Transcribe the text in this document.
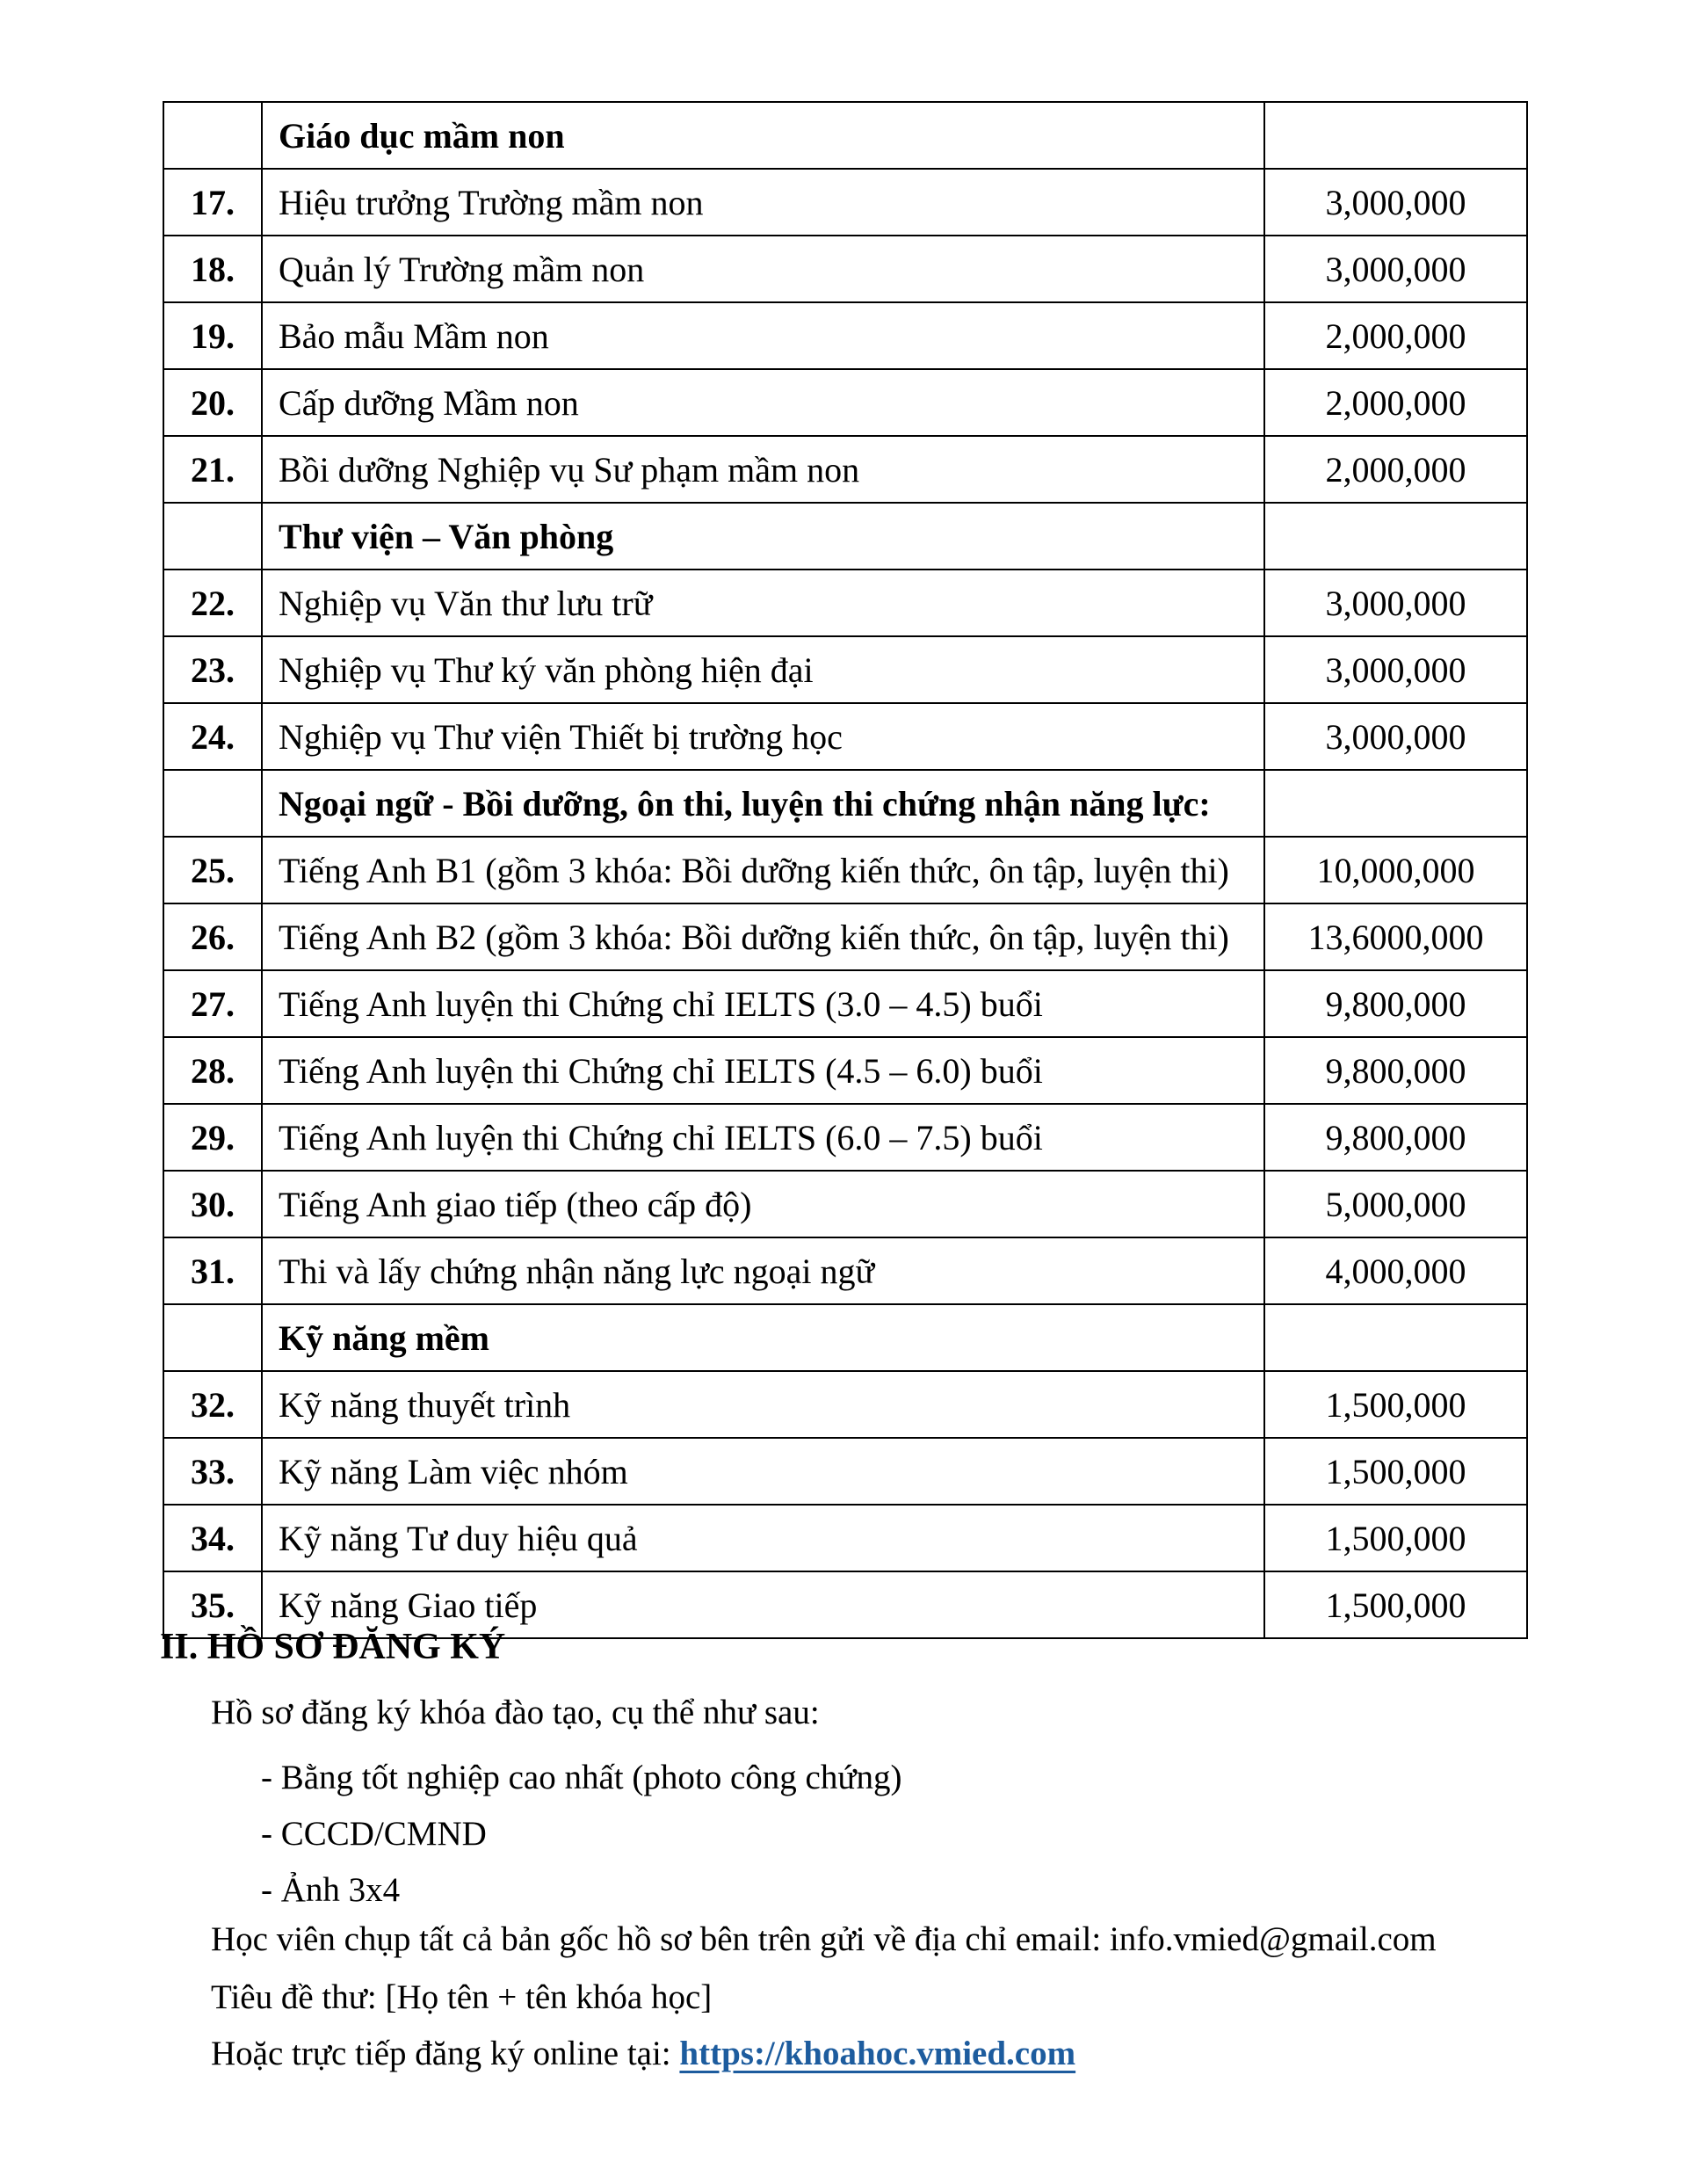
	Giáo dục mầm non	
17.	Hiệu trưởng Trường mầm non	3,000,000
18.	Quản lý Trường mầm non	3,000,000
19.	Bảo mẫu Mầm non	2,000,000
20.	Cấp dưỡng Mầm non	2,000,000
21.	Bồi dưỡng Nghiệp vụ Sư phạm mầm non	2,000,000
	Thư viện – Văn phòng	
22.	Nghiệp vụ Văn thư lưu trữ	3,000,000
23.	Nghiệp vụ Thư ký văn phòng hiện đại	3,000,000
24.	Nghiệp vụ Thư viện Thiết bị trường học	3,000,000
	Ngoại ngữ - Bồi dưỡng, ôn thi, luyện thi chứng nhận năng lực:	
25.	Tiếng Anh B1 (gồm 3 khóa: Bồi dưỡng kiến thức, ôn tập, luyện thi)	10,000,000
26.	Tiếng Anh B2 (gồm 3 khóa: Bồi dưỡng kiến thức, ôn tập, luyện thi)	13,6000,000
27.	Tiếng Anh luyện thi Chứng chỉ IELTS (3.0 – 4.5) buổi	9,800,000
28.	Tiếng Anh luyện thi Chứng chỉ IELTS (4.5 – 6.0) buổi	9,800,000
29.	Tiếng Anh luyện thi Chứng chỉ IELTS (6.0 – 7.5) buổi	9,800,000
30.	Tiếng Anh giao tiếp (theo cấp độ)	5,000,000
31.	Thi và lấy chứng nhận năng lực ngoại ngữ	4,000,000
	Kỹ năng mềm	
32.	Kỹ năng thuyết trình	1,500,000
33.	Kỹ năng Làm việc nhóm	1,500,000
34.	Kỹ năng Tư duy hiệu quả	1,500,000
35.	Kỹ năng Giao tiếp	1,500,000
II. HỒ SƠ ĐĂNG KÝ
Hồ sơ đăng ký khóa đào tạo, cụ thể như sau:
- Bằng tốt nghiệp cao nhất (photo công chứng)
- CCCD/CMND
- Ảnh 3x4
Học viên chụp tất cả bản gốc hồ sơ bên trên gửi về địa chỉ email: info.vmied@gmail.com
Tiêu đề thư: [Họ tên + tên khóa học]
Hoặc trực tiếp đăng ký online tại: https://khoahoc.vmied.com
